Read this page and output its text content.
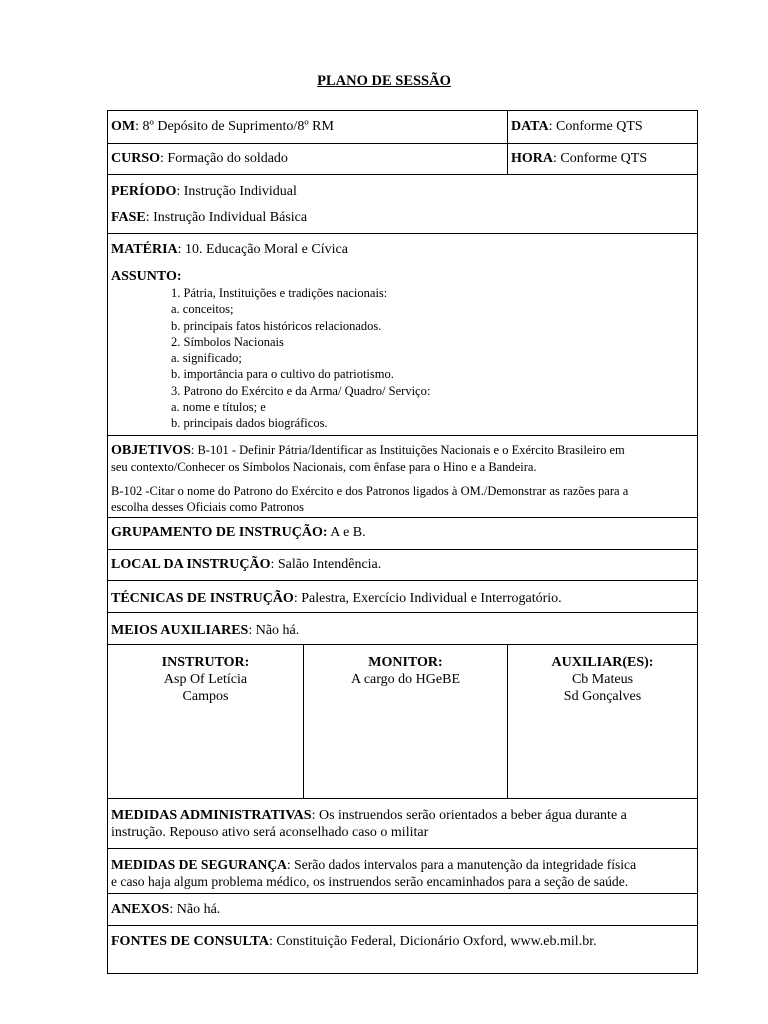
PLANO DE SESSÃO
OM: 8º Depósito de Suprimento/8º RM	DATA: Conforme QTS
CURSO: Formação do soldado	HORA: Conforme QTS
PERÍODO: Instrução Individual
FASE: Instrução Individual Básica
MATÉRIA: 10. Educação Moral e Cívica
ASSUNTO:
1. Pátria, Instituições e tradições nacionais:
a. conceitos;
b. principais fatos históricos relacionados.
2. Símbolos Nacionais
a. significado;
b. importância para o cultivo do patriotismo.
3. Patrono do Exército e da Arma/ Quadro/ Serviço:
a. nome e títulos; e
b. principais dados biográficos.
OBJETIVOS: B-101 - Definir Pátria/Identificar as Instituições Nacionais e o Exército Brasileiro em
seu contexto/Conhecer os Símbolos Nacionais, com ênfase para o Hino e a Bandeira.
B-102 -Citar o nome do Patrono do Exército e dos Patronos ligados à OM./Demonstrar as razões para a
escolha desses Oficiais como Patronos
GRUPAMENTO DE INSTRUÇÃO: A e B.
LOCAL DA INSTRUÇÃO: Salão Intendência.
TÉCNICAS DE INSTRUÇÃO: Palestra, Exercício Individual e Interrogatório.
MEIOS AUXILIARES: Não há.
INSTRUTOR:
Asp Of Letícia
Campos
MONITOR:
A cargo do HGeBE
AUXILIAR(ES):
Cb Mateus
Sd Gonçalves
MEDIDAS ADMINISTRATIVAS: Os instruendos serão orientados a beber água durante a
instrução. Repouso ativo será aconselhado caso o militar
MEDIDAS DE SEGURANÇA: Serão dados intervalos para a manutenção da integridade física
e caso haja algum problema médico, os instruendos serão encaminhados para a seção de saúde.
ANEXOS: Não há.
FONTES DE CONSULTA: Constituição Federal, Dicionário Oxford, www.eb.mil.br.
